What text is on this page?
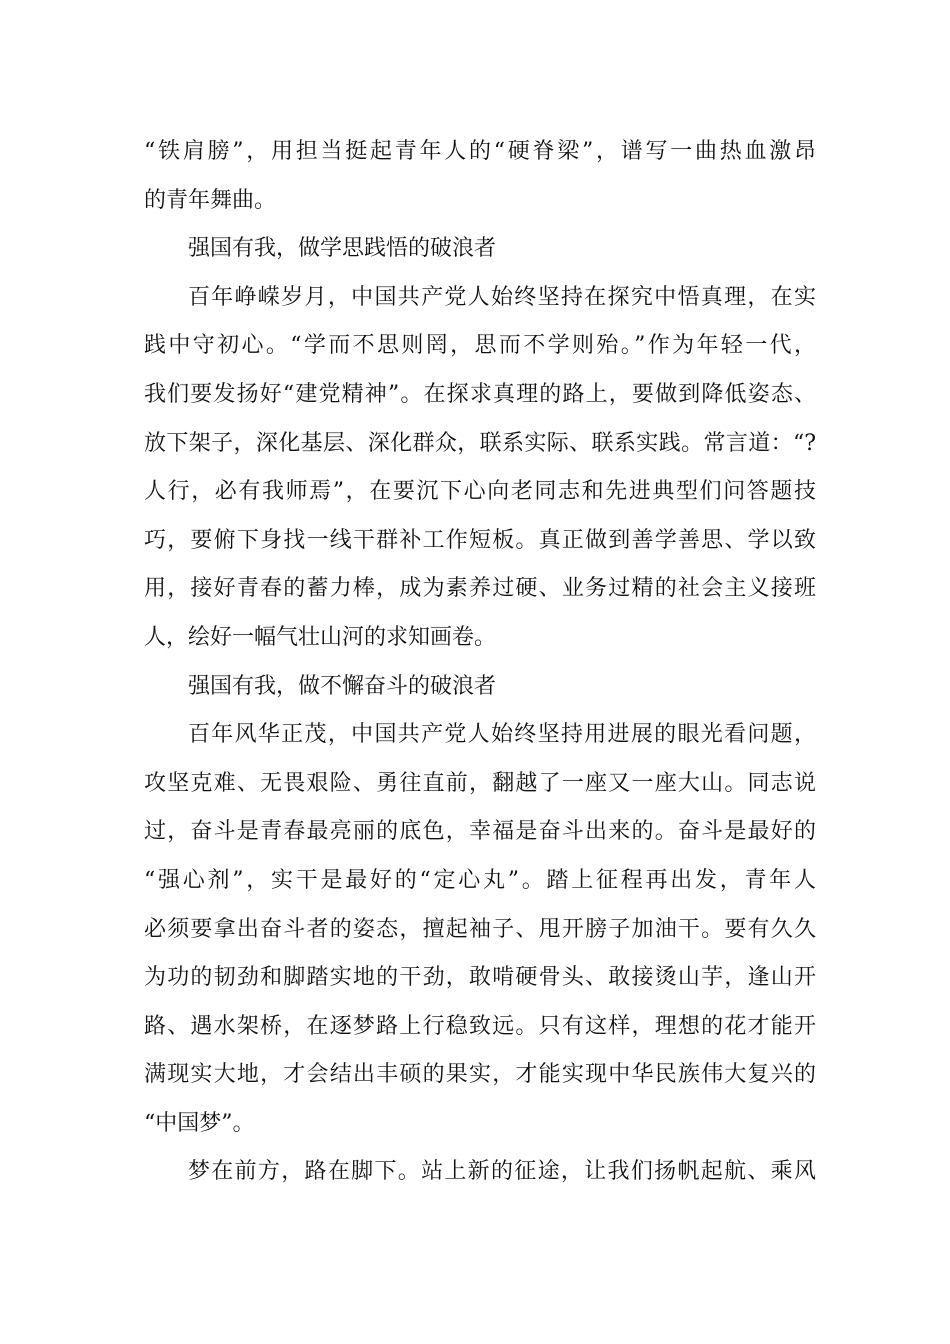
“铁肩膀”，用担当挺起青年人的“硬脊梁”，谱写一曲热血激昂
的青年舞曲。
强国有我，做学思践悟的破浪者
百年峥嵘岁月，中国共产党人始终坚持在探究中悟真理，在实
践中守初心。“学而不思则罔，思而不学则殆。”作为年轻一代，
我们要发扬好“建党精神”。在探求真理的路上，要做到降低姿态、
放下架子，深化基层、深化群众，联系实际、联系实践。常言道：“?
人行，必有我师焉”，在要沉下心向老同志和先进典型们问答题技
巧，要俯下身找一线干群补工作短板。真正做到善学善思、学以致
用，接好青春的蓄力棒，成为素养过硬、业务过精的社会主义接班
人，绘好一幅气壮山河的求知画卷。
强国有我，做不懈奋斗的破浪者
百年风华正茂，中国共产党人始终坚持用进展的眼光看问题，
攻坚克难、无畏艰险、勇往直前，翻越了一座又一座大山。同志说
过，奋斗是青春最亮丽的底色，幸福是奋斗出来的。奋斗是最好的
“强心剂”，实干是最好的“定心丸”。踏上征程再出发，青年人
必须要拿出奋斗者的姿态，擅起袖子、甩开膀子加油干。要有久久
为功的韧劲和脚踏实地的干劲，敢啃硬骨头、敢接烫山芋，逢山开
路、遇水架桥，在逐梦路上行稳致远。只有这样，理想的花才能开
满现实大地，才会结出丰硕的果实，才能实现中华民族伟大复兴的
“中国梦”。
梦在前方，路在脚下。站上新的征途，让我们扬帆起航、乘风
